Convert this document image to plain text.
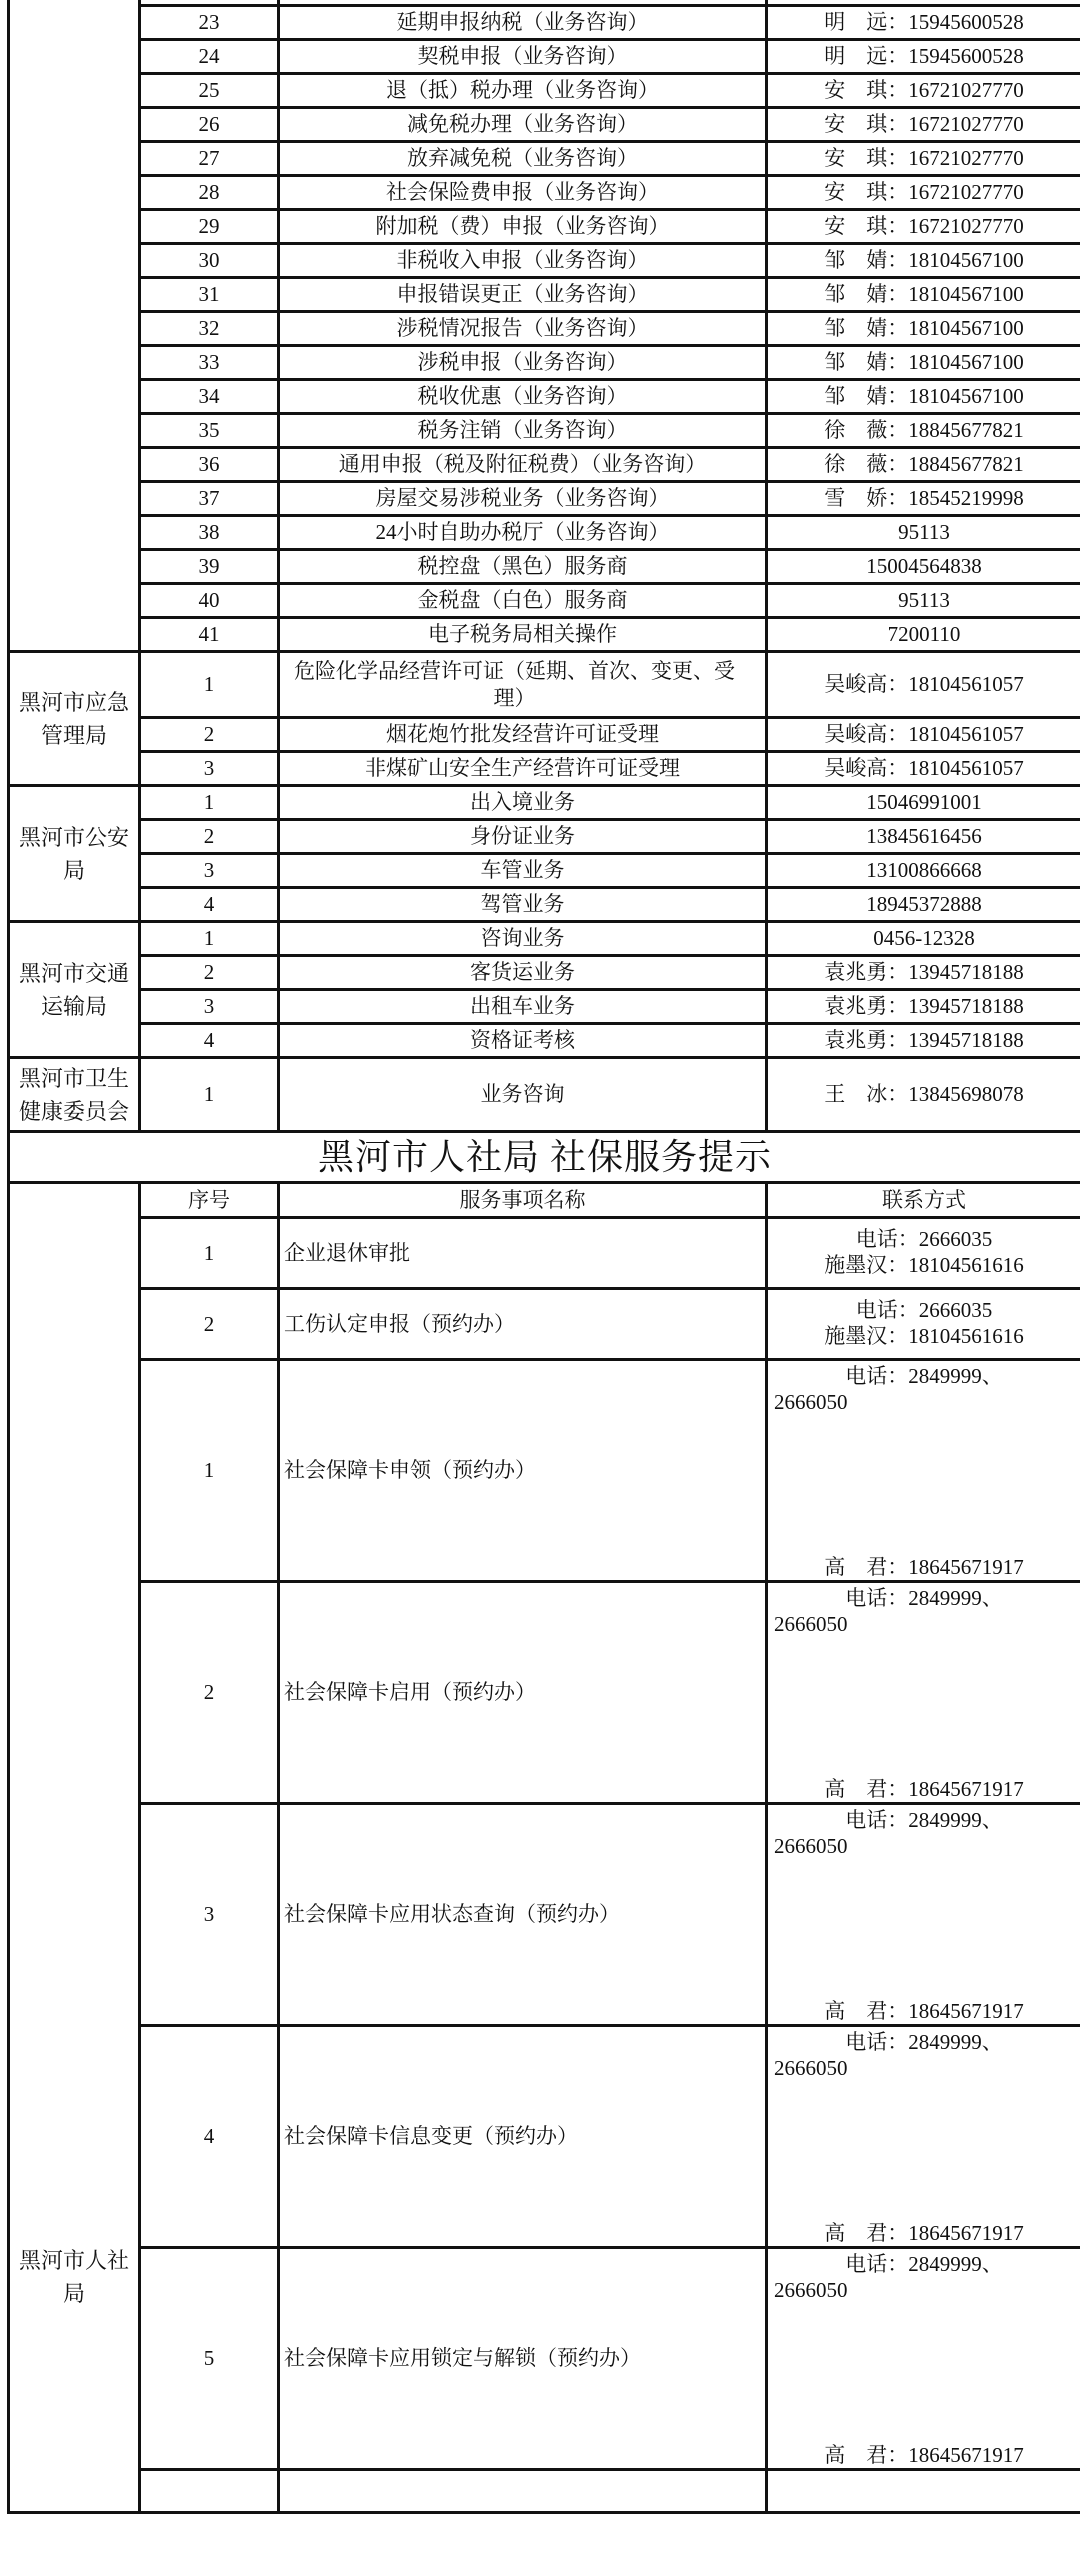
	23	延期申报纳税（业务咨询）	明　远：15945600528
	24	契税申报（业务咨询）	明　远：15945600528
	25	退（抵）税办理（业务咨询）	安　琪：16721027770
	26	减免税办理（业务咨询）	安　琪：16721027770
	27	放弃减免税（业务咨询）	安　琪：16721027770
	28	社会保险费申报（业务咨询）	安　琪：16721027770
	29	附加税（费）申报（业务咨询）	安　琪：16721027770
	30	非税收入申报（业务咨询）	邹　婧：18104567100
	31	申报错误更正（业务咨询）	邹　婧：18104567100
	32	涉税情况报告（业务咨询）	邹　婧：18104567100
	33	涉税申报（业务咨询）	邹　婧：18104567100
	34	税收优惠（业务咨询）	邹　婧：18104567100
	35	税务注销（业务咨询）	徐　薇：18845677821
	36	通用申报（税及附征税费）（业务咨询）	徐　薇：18845677821
	37	房屋交易涉税业务（业务咨询）	雪　娇：18545219998
	38	24小时自助办税厅（业务咨询）	95113
	39	税控盘（黑色）服务商	15004564838
	40	金税盘（白色）服务商	95113
	41	电子税务局相关操作	7200110
黑河市应急管理局	1	危险化学品经营许可证（延期、首次、变更、受理）	吴峻高：18104561057
	2	烟花炮竹批发经营许可证受理	吴峻高：18104561057
	3	非煤矿山安全生产经营许可证受理	吴峻高：18104561057
黑河市公安局	1	出入境业务	15046991001
	2	身份证业务	13845616456
	3	车管业务	13100866668
	4	驾管业务	18945372888
黑河市交通运输局	1	咨询业务	0456-12328
	2	客货运业务	袁兆勇：13945718188
	3	出租车业务	袁兆勇：13945718188
	4	资格证考核	袁兆勇：13945718188
黑河市卫生健康委员会	1	业务咨询	王　冰：13845698078
黑河市人社局 社保服务提示			
黑河市人社局	序号	服务事项名称	联系方式
	1	企业退休审批	电话：2666035
施墨汉：18104561616

	2	工伤认定申报（预约办）	电话：2666035
施墨汉：18104561616

	1	社会保障卡申领（预约办）	电话：2849999、
2666050
高　君：18645671917

	2	社会保障卡启用（预约办）	电话：2849999、
2666050
高　君：18645671917

	3	社会保障卡应用状态查询（预约办）	电话：2849999、
2666050
高　君：18645671917

	4	社会保障卡信息变更（预约办）	电话：2849999、
2666050
高　君：18645671917

	5	社会保障卡应用锁定与解锁（预约办）	电话：2849999、
2666050
高　君：18645671917
